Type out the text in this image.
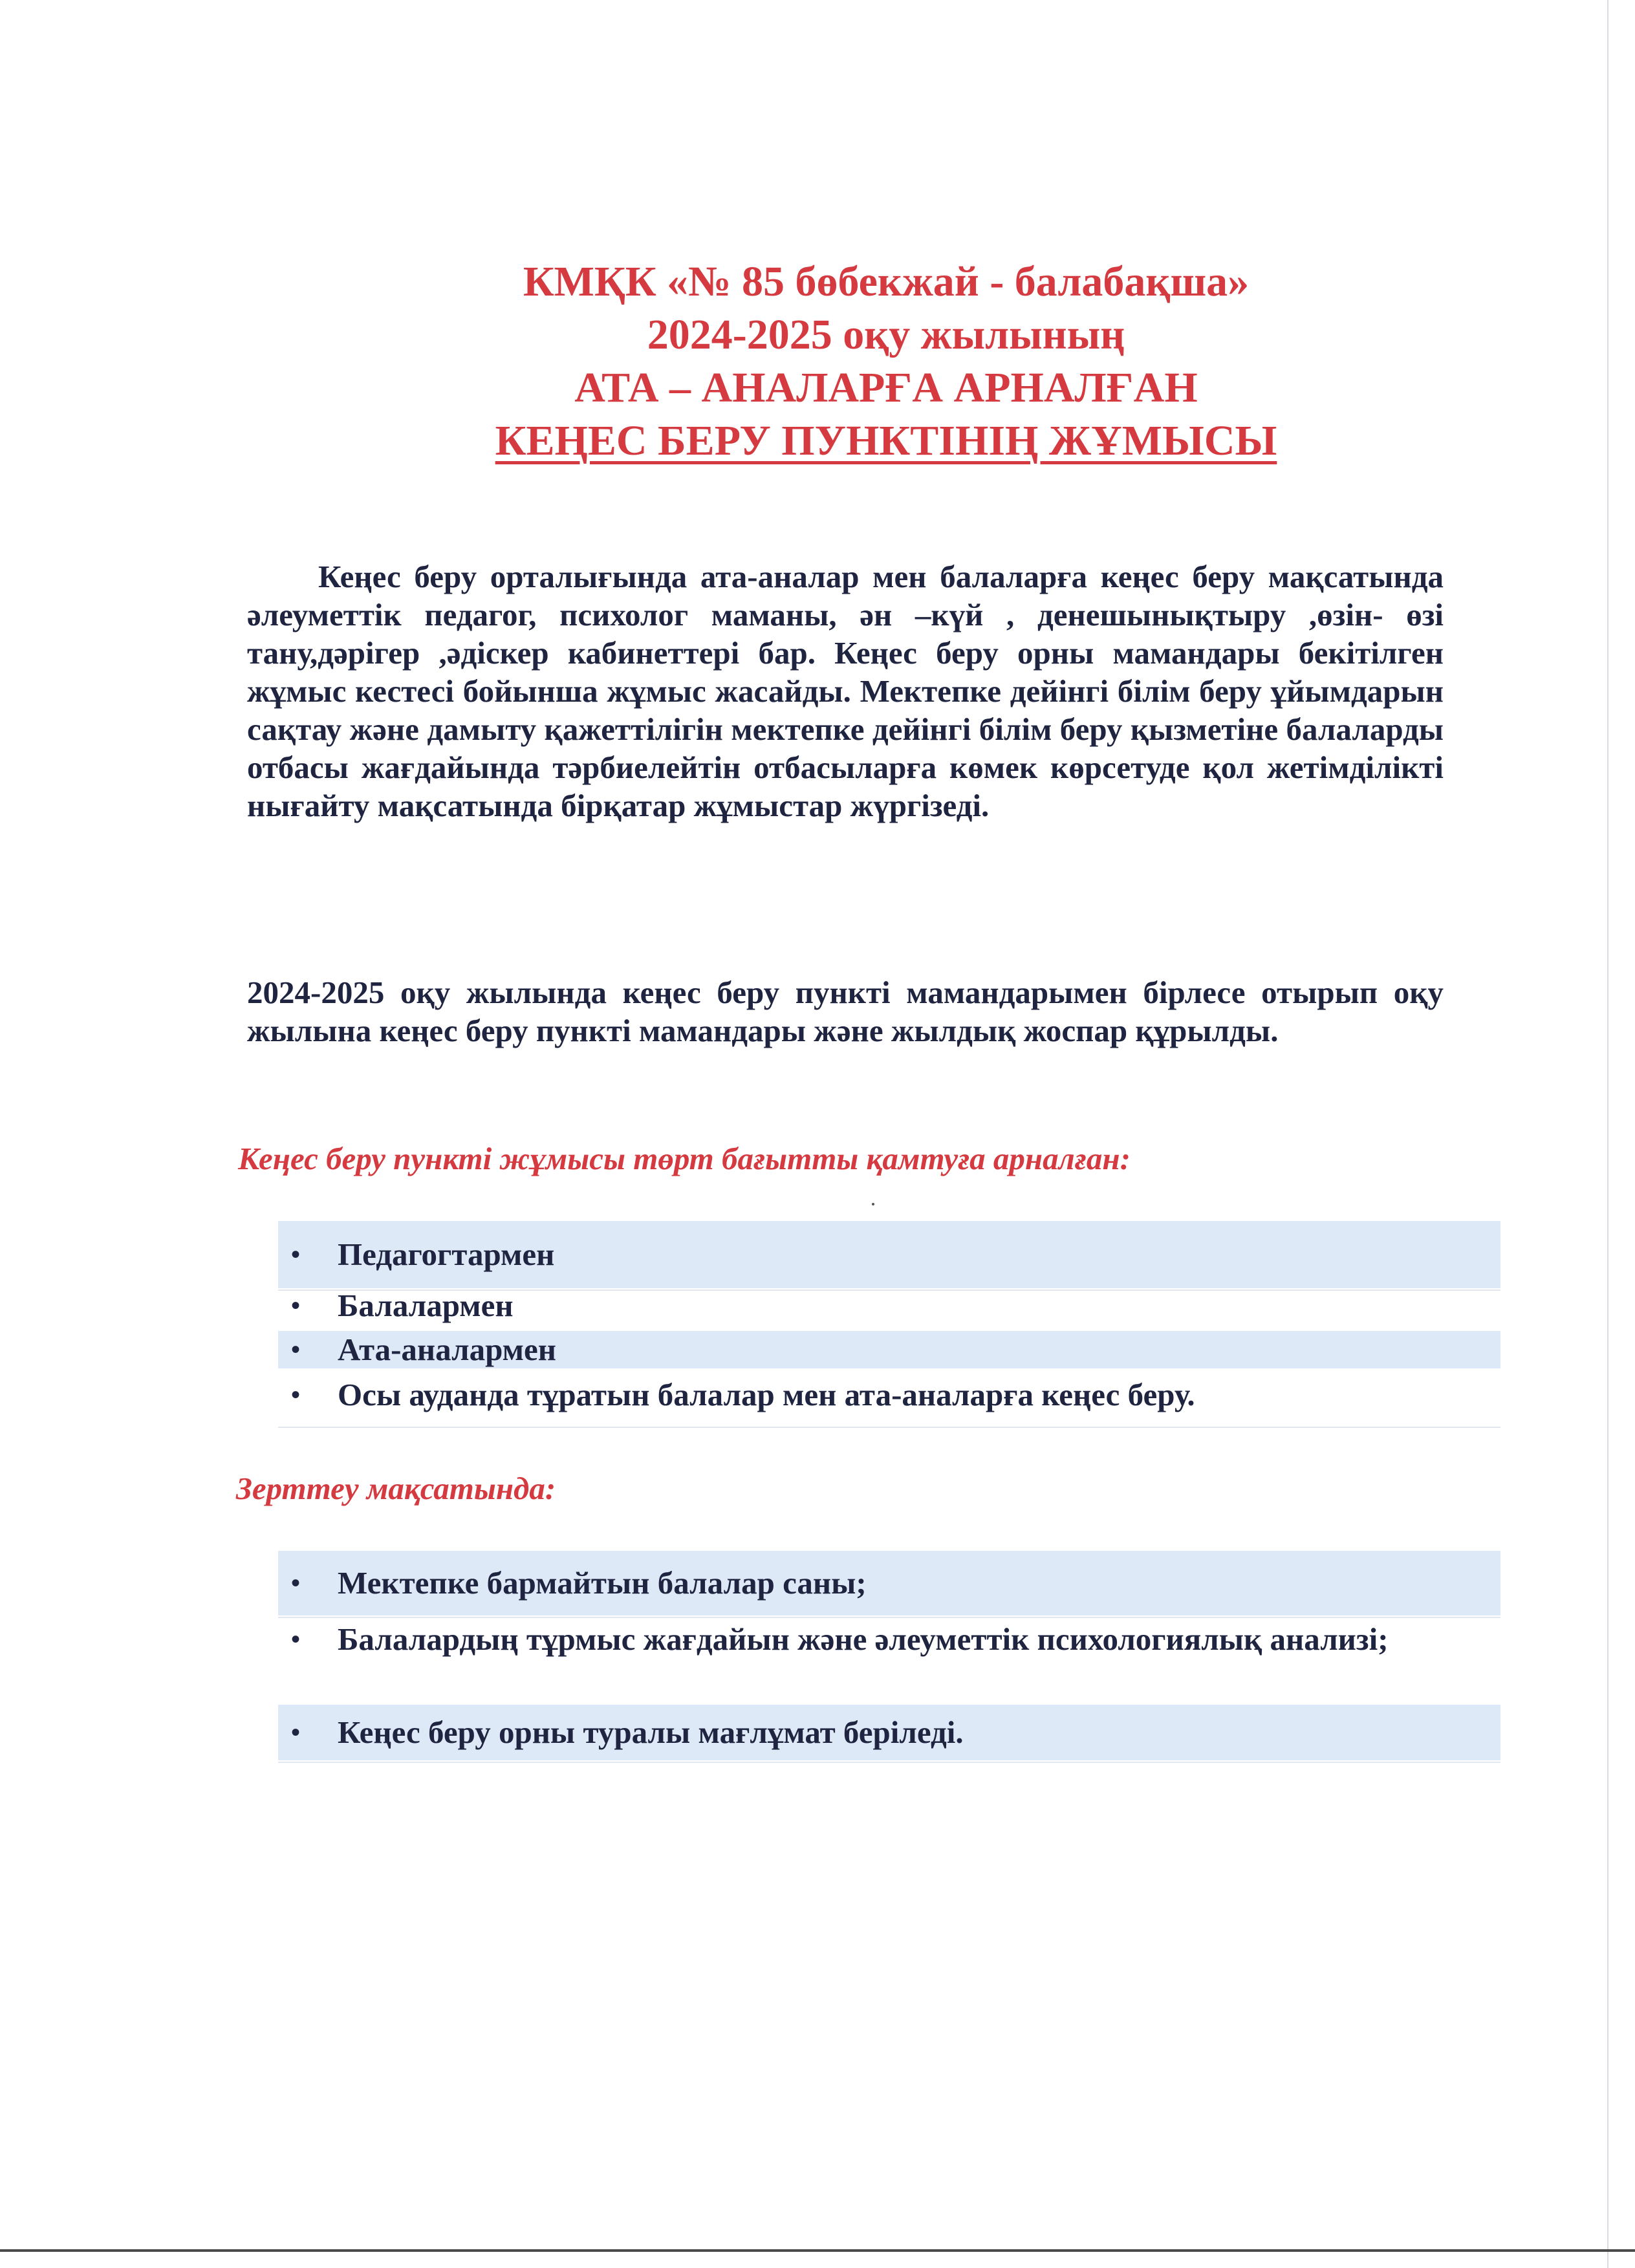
КМҚК «№ 85 бөбекжай - балабақша»
2024-2025 оқу жылының
АТА – АНАЛАРҒА АРНАЛҒАН
КЕҢЕС БЕРУ ПУНКТІНІҢ ЖҰМЫСЫ
Кеңес беру орталығында ата-аналар мен балаларға кеңес беру мақсатында әлеуметтік педагог, психолог маманы, ән –күй , денешынықтыру ,өзін- өзі тану,дәрігер ,әдіскер кабинеттері бар. Кеңес беру орны мамандары бекітілген жұмыс кестесі бойынша жұмыс жасайды. Мектепке дейінгі білім беру ұйымдарын сақтау және дамыту қажеттілігін мектепке дейінгі білім беру қызметіне балаларды отбасы жағдайында тәрбиелейтін отбасыларға көмек көрсетуде қол жетімділікті нығайту мақсатында бірқатар жұмыстар жүргізеді.
2024-2025 оқу жылында кеңес беру пункті мамандарымен бірлесе отырып оқу жылына кеңес беру пункті мамандары және жылдық жоспар құрылды.
Кеңес беру пункті жұмысы төрт бағытты қамтуға арналған:
• Педагогтармен
• Балалармен
• Ата-аналармен
• Осы ауданда тұратын балалар мен ата-аналарға кеңес беру.
Зерттеу мақсатында:
• Мектепке бармайтын балалар саны;
• Балалардың тұрмыс жағдайын және әлеуметтік психологиялық анализі;
• Кеңес беру орны туралы мағлұмат беріледі.
